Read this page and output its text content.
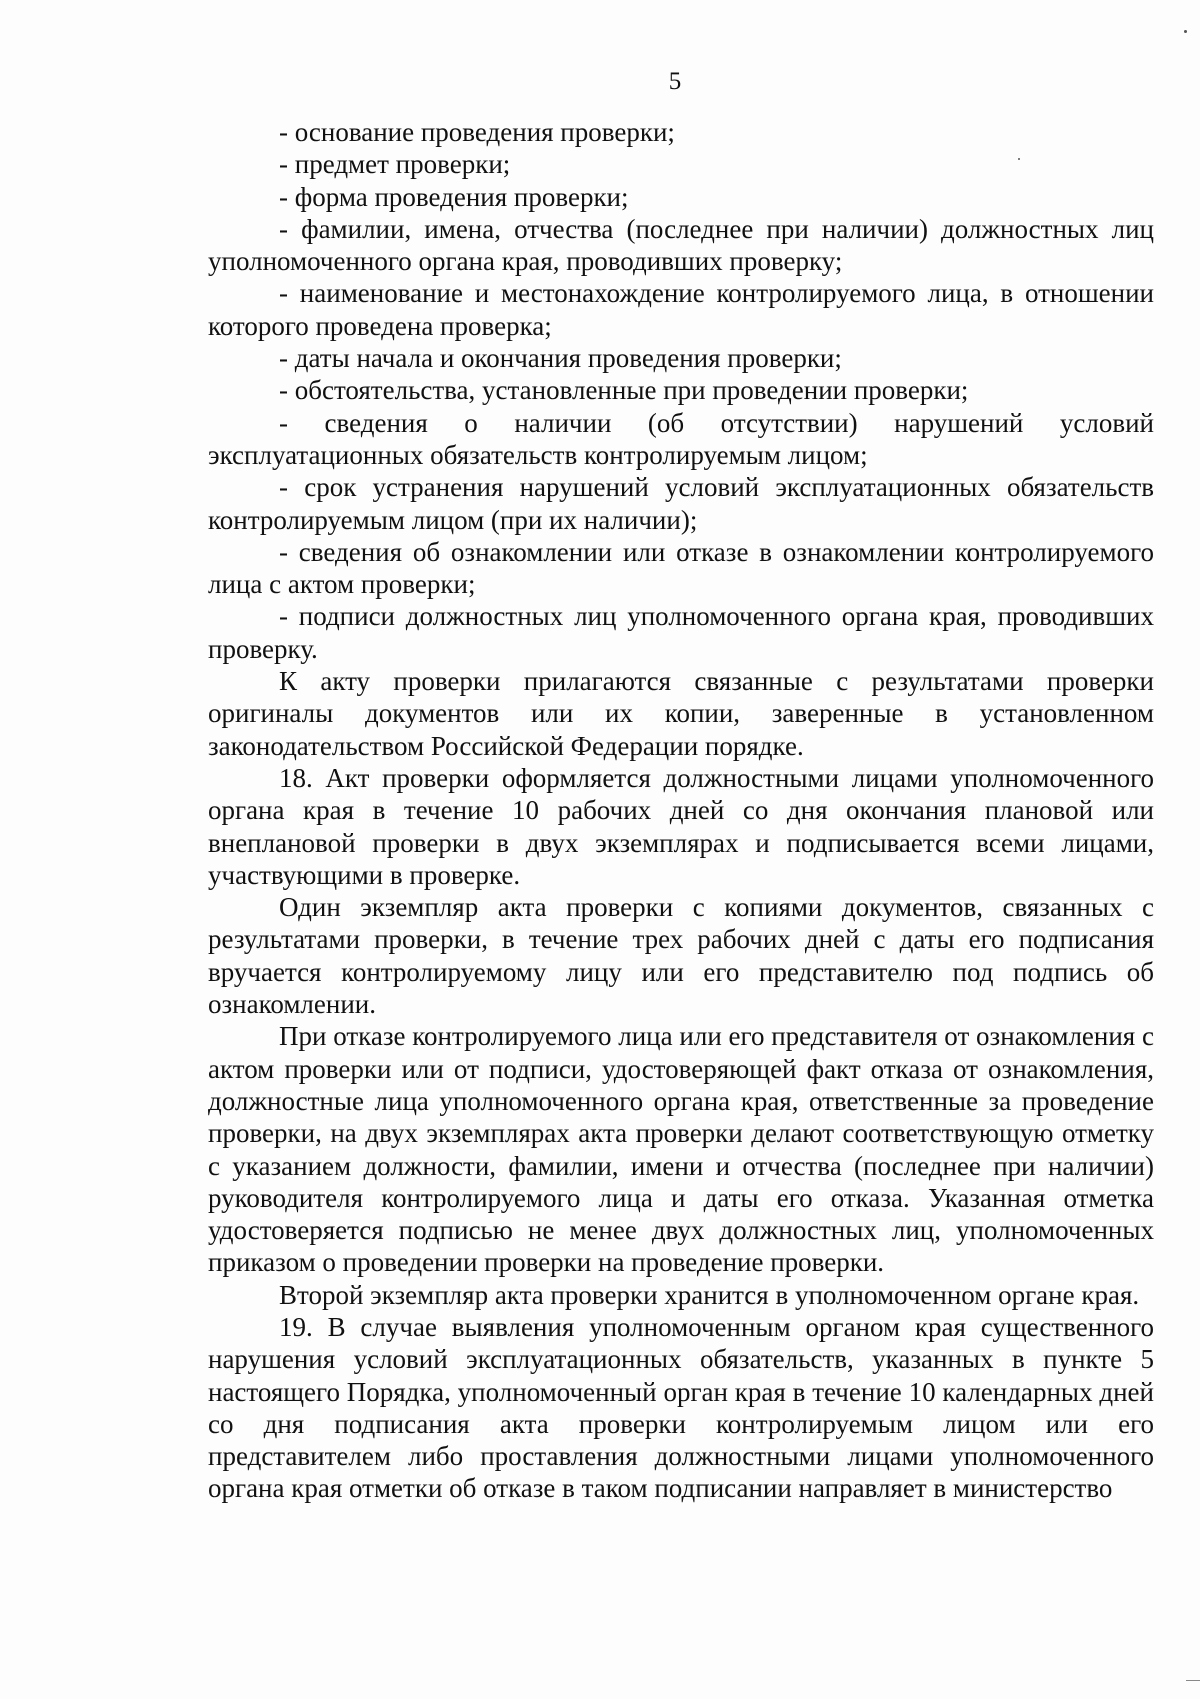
5

- основание проведения проверки;

- предмет проверки;

- форма проведения проверки;

- фамилии, имена, отчества (последнее при наличии) должностных лиц уполномоченного органа края, проводивших проверку;

- наименование и местонахождение контролируемого лица, в отношении которого проведена проверка;

- даты начала и окончания проведения проверки;

- обстоятельства, установленные при проведении проверки;

- сведения о наличии (об отсутствии) нарушений условий эксплуатационных обязательств контролируемым лицом;

- срок устранения нарушений условий эксплуатационных обязательств контролируемым лицом (при их наличии);

- сведения об ознакомлении или отказе в ознакомлении контролируемого лица с актом проверки;

- подписи должностных лиц уполномоченного органа края, проводивших проверку.

К акту проверки прилагаются связанные с результатами проверки оригиналы документов или их копии, заверенные в установленном законодательством Российской Федерации порядке.

18. Акт проверки оформляется должностными лицами уполномоченного органа края в течение 10 рабочих дней со дня окончания плановой или внеплановой проверки в двух экземплярах и подписывается всеми лицами, участвующими в проверке.

Один экземпляр акта проверки с копиями документов, связанных с результатами проверки, в течение трех рабочих дней с даты его подписания вручается контролируемому лицу или его представителю под подпись об ознакомлении.

При отказе контролируемого лица или его представителя от ознакомления с актом проверки или от подписи, удостоверяющей факт отказа от ознакомления, должностные лица уполномоченного органа края, ответственные за проведение проверки, на двух экземплярах акта проверки делают соответствующую отметку с указанием должности, фамилии, имени и отчества (последнее при наличии) руководителя контролируемого лица и даты его отказа. Указанная отметка удостоверяется подписью не менее двух должностных лиц, уполномоченных приказом о проведении проверки на проведение проверки.

Второй экземпляр акта проверки хранится в уполномоченном органе края.

19. В случае выявления уполномоченным органом края существенного нарушения условий эксплуатационных обязательств, указанных в пункте 5 настоящего Порядка, уполномоченный орган края в течение 10 календарных дней со дня подписания акта проверки контролируемым лицом или его представителем либо проставления должностными лицами уполномоченного органа края отметки об отказе в таком подписании направляет в министерство
